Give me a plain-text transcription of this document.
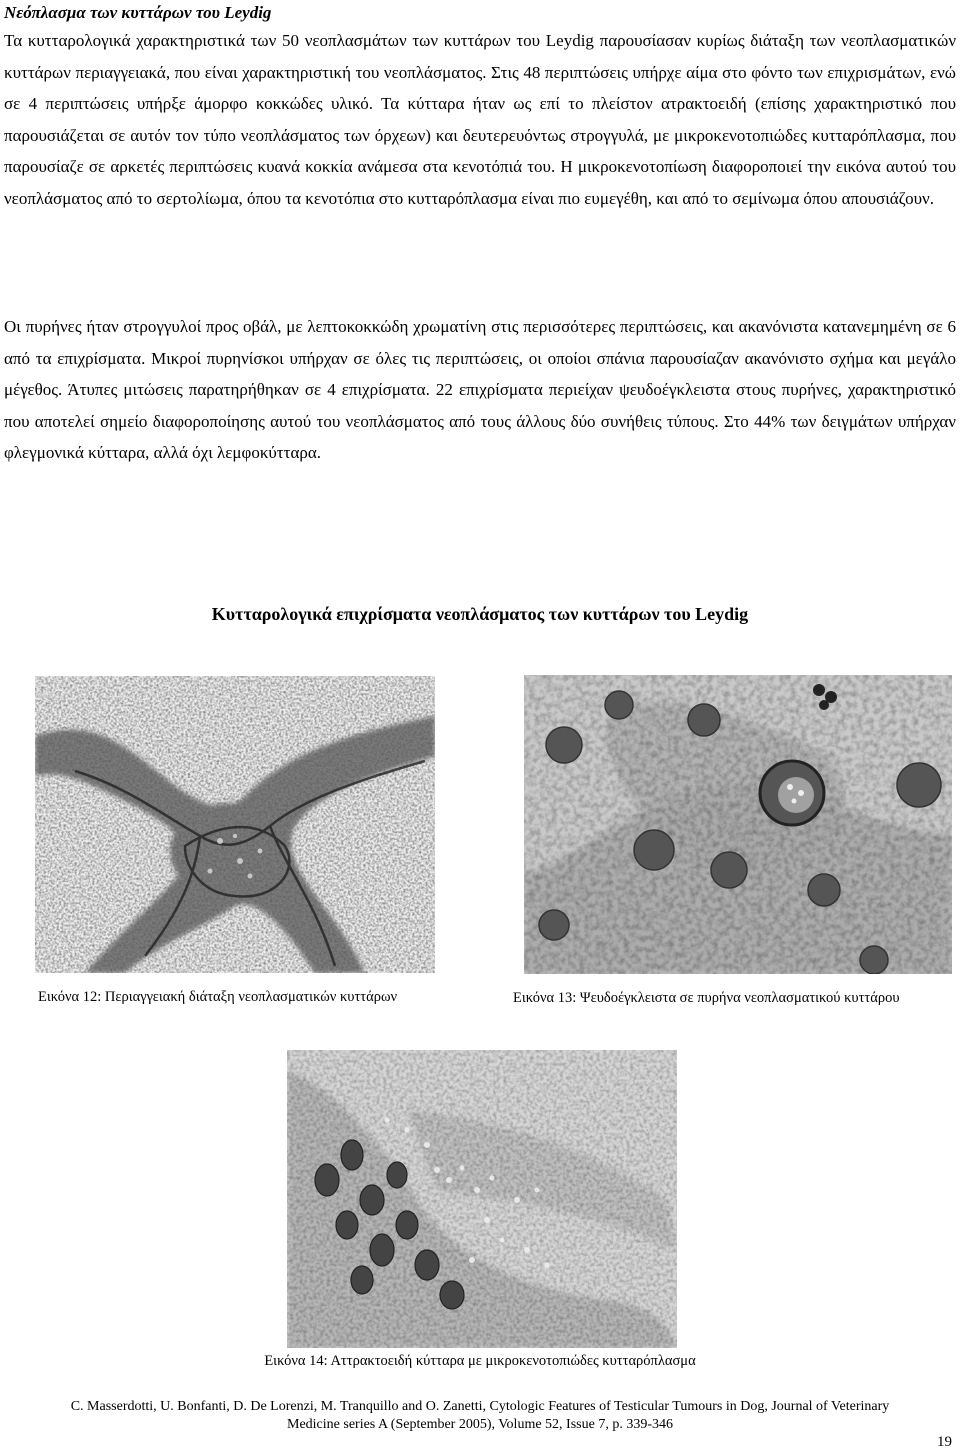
Νεόπλασμα των κυττάρων του Leydig

Τα κυτταρολογικά χαρακτηριστικά των 50 νεοπλασμάτων των κυττάρων του Leydig παρουσίασαν κυρίως διάταξη των νεοπλασματικών κυττάρων περιαγγειακά, που είναι χαρακτηριστική του νεοπλάσματος. Στις 48 περιπτώσεις υπήρχε αίμα στο φόντο των επιχρισμάτων, ενώ σε 4 περιπτώσεις υπήρξε άμορφο κοκκώδες υλικό. Τα κύτταρα ήταν ως επί το πλείστον ατρακτοειδή (επίσης χαρακτηριστικό που παρουσιάζεται σε αυτόν τον τύπο νεοπλάσματος των όρχεων) και δευτερευόντως στρογγυλά, με μικροκενοτοπιώδες κυτταρόπλασμα, που παρουσίαζε σε αρκετές περιπτώσεις κυανά κοκκία ανάμεσα στα κενοτόπιά του. Η μικροκενοτοπίωση διαφοροποιεί την εικόνα αυτού του νεοπλάσματος από το σερτολίωμα, όπου τα κενοτόπια στο κυτταρόπλασμα είναι πιο ευμεγέθη, και από το σεμίνωμα όπου απουσιάζουν.

Οι πυρήνες ήταν στρογγυλοί προς οβάλ, με λεπτοκοκκώδη χρωματίνη στις περισσότερες περιπτώσεις, και ακανόνιστα κατανεμημένη σε 6 από τα επιχρίσματα. Μικροί πυρηνίσκοι υπήρχαν σε όλες τις περιπτώσεις, οι οποίοι σπάνια παρουσίαζαν ακανόνιστο σχήμα και μεγάλο μέγεθος. Άτυπες μιτώσεις παρατηρήθηκαν σε 4 επιχρίσματα. 22 επιχρίσματα περιείχαν ψευδοέγκλειστα στους πυρήνες, χαρακτηριστικό που αποτελεί σημείο διαφοροποίησης αυτού του νεοπλάσματος από τους άλλους δύο συνήθεις τύπους. Στο 44% των δειγμάτων υπήρχαν φλεγμονικά κύτταρα, αλλά όχι λεμφοκύτταρα.

Κυτταρολογικά επιχρίσματα νεοπλάσματος των κυττάρων του Leydig
Εικόνα 12: Περιαγγειακή διάταξη νεοπλασματικών κυττάρων	Εικόνα 13: Ψευδοέγκλειστα σε πυρήνα νεοπλασματικού κυττάρου
Εικόνα 14: Αττρακτοειδή κύτταρα με μικροκενοτοπιώδες κυτταρόπλασμα
C. Masserdotti, U. Bonfanti, D. De Lorenzi, M. Tranquillo and O. Zanetti, Cytologic Features of Testicular Tumours in Dog, Journal of Veterinary
Medicine series A (September 2005), Volume 52, Issue 7, p. 339-346
19
